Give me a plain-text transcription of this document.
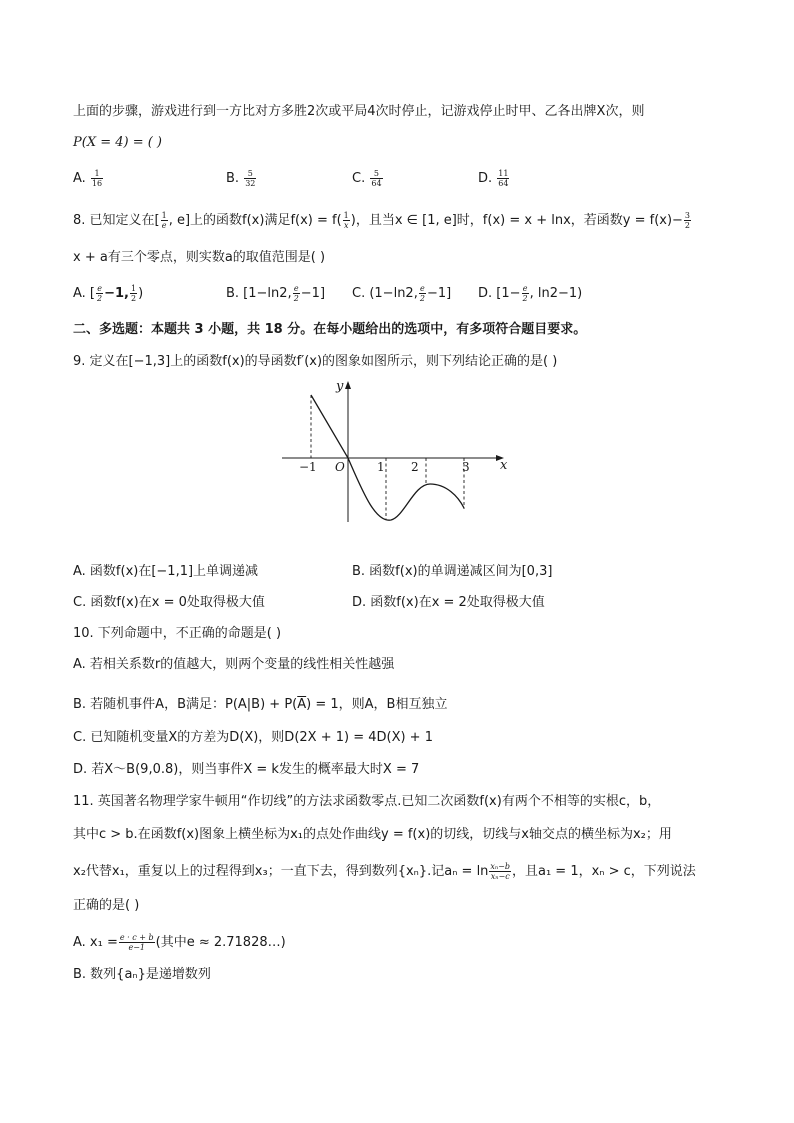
上面的步骤，游戏进行到一方比对方多胜2次或平局4次时停止，记游戏停止时甲、乙各出牌X次，则
P(X = 4) = ( )
A. $\frac{1}{16}$	B. $\frac{5}{32}$	C. $\frac{5}{64}$	D. $\frac{11}{64}$
8. 已知定义在[ $\frac{1}{e}$ , e]上的函数f(x)满足$f(x) = f( \frac{1}{x}$ )，且当x ∈ [1, e]时，f(x) = x + lnx，若函数$y = f(x)- \frac{3}{2}$
x + a有三个零点，则实数a的取值范围是( )
A. [ $\frac{e}{2} -1$, $\frac{1}{2}$ )	B. [1−ln2, $\frac{e}{2} -1$] C. (1−ln2, $\frac{e}{2} -1$] D. [$1- \frac{e}{2}$ , ln2−1)
二、多选题：本题共 3 小题，共 18 分。在每小题给出的选项中，有多项符合题目要求。
9. 定义在[−1,3]上的函数f(x)的导函数f′(x)的图象如图所示，则下列结论正确的是( )
y
x
O
−1	1 2	3
A. 函数f(x)在[−1,1]上单调递减	B. 函数f(x)的单调递减区间为[0,3]
C. 函数f(x)在x = 0处取得极大值	D. 函数f(x)在x = 2处取得极大值
10. 下列命题中，不正确的命题是( )
A. 若相关系数r的值越大，则两个变量的线性相关性越强
B. 若随机事件A，B满足：$P(A|B) + P(\overline{A}) = 1$，则A，B相互独立
C. 已知随机变量X的方差为D(X)，则D(2X + 1) = 4D(X) + 1
D. 若X～B(9,0.8)，则当事件X = k发生的概率最大时X = 7
11. 英国著名物理学家牛顿用“作切线”的方法求函数零点.已知二次函数f(x)有两个不相等的实根c，b，
其中c > b.在函数f(x)图象上横坐标为x₁的点处作曲线y = f(x)的切线，切线与x轴交点的横坐标为x₂；用
x₂代替x₁，重复以上的过程得到x₃；一直下去，得到数列{xₙ}.记$a_n = \ln \frac{\text{xₙ−b}}{\text{xₙ−c}}$ ，且a₁ = 1，xₙ > c，下列说法
正确的是( )
A. $x_1 = \frac{e \cdot c + b}{e-1}$ (其中e ≈ 2.71828…)
B. 数列{aₙ}是递增数列
